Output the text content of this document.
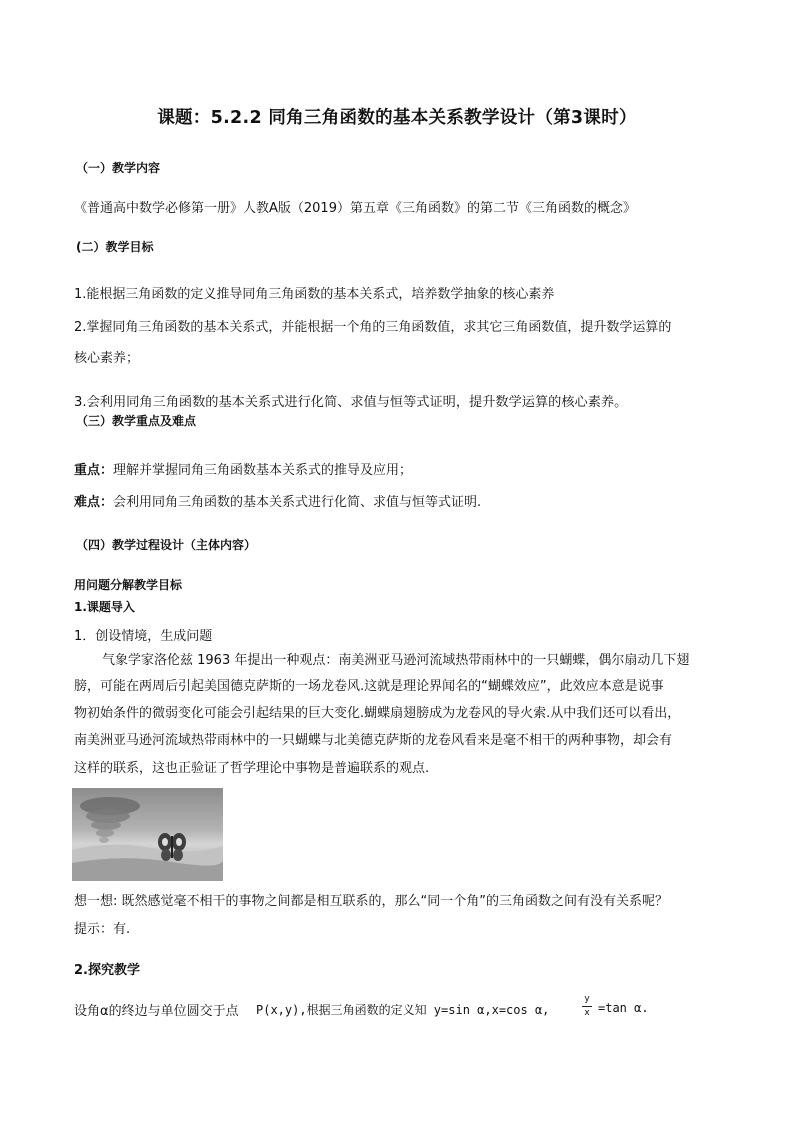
课题：5.2.2 同角三角函数的基本关系教学设计（第3课时）
（一）教学内容
《普通高中数学必修第一册》人教A版（2019）第五章《三角函数》的第二节《三角函数的概念》
(二）教学目标
1.能根据三角函数的定义推导同角三角函数的基本关系式，培养数学抽象的核心素养
2.掌握同角三角函数的基本关系式，并能根据一个角的三角函数值，求其它三角函数值，提升数学运算的
核心素养；
3.会利用同角三角函数的基本关系式进行化简、求值与恒等式证明，提升数学运算的核心素养。
（三）教学重点及难点
重点：理解并掌握同角三角函数基本关系式的推导及应用；
难点：会利用同角三角函数的基本关系式进行化简、求值与恒等式证明.
（四）教学过程设计（主体内容）
用问题分解教学目标
1.课题导入
1．创设情境，生成问题
气象学家洛伦兹 1963 年提出一种观点：南美洲亚马逊河流域热带雨林中的一只蝴蝶，偶尔扇动几下翅
膀，可能在两周后引起美国德克萨斯的一场龙卷风.这就是理论界闻名的“蝴蝶效应”，此效应本意是说事
物初始条件的微弱变化可能会引起结果的巨大变化.蝴蝶扇翅膀成为龙卷风的导火索.从中我们还可以看出，
南美洲亚马逊河流域热带雨林中的一只蝴蝶与北美德克萨斯的龙卷风看来是毫不相干的两种事物，却会有
这样的联系，这也正验证了哲学理论中事物是普遍联系的观点.
想一想: 既然感觉毫不相干的事物之间都是相互联系的，那么“同一个角”的三角函数之间有没有关系呢？
提示：有.
2.探究教学
设角α的终边与单位圆交于点 P(x,y),根据三角函数的定义知 y=sin α,x=cos α,
y
x =tan α.
